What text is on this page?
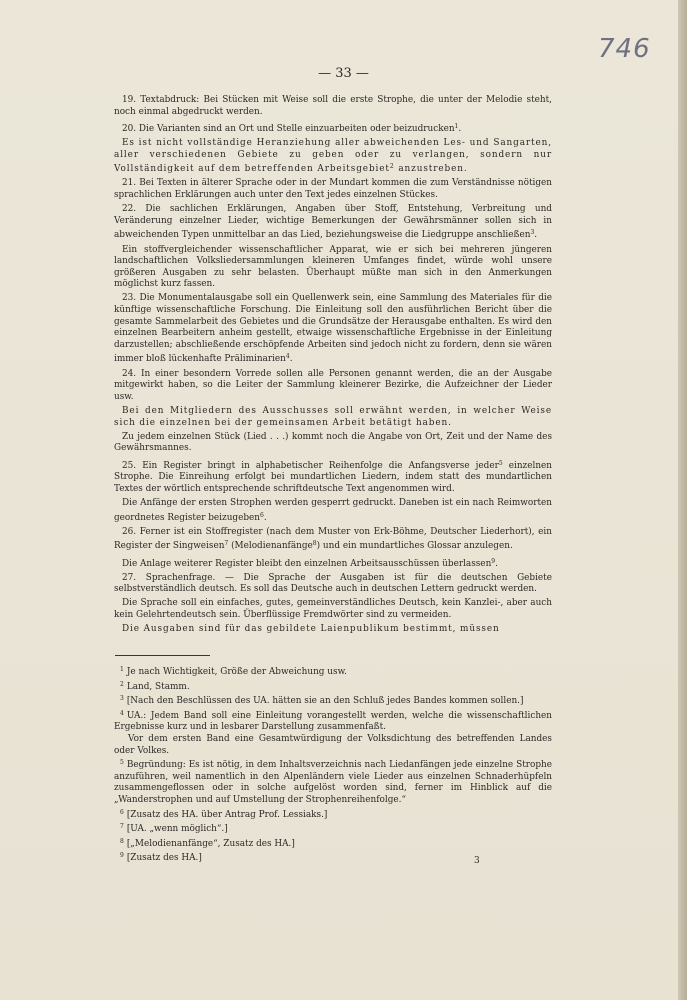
746
— 33 —

19. Textabdruck: Bei Stücken mit Weise soll die erste Strophe, die unter der Melodie steht, noch einmal abgedruckt werden.

20. Die Varianten sind an Ort und Stelle einzuarbeiten oder beizudrucken$^1$.

Es ist nicht vollständige Heranziehung aller abweichenden Les- und Sangarten, aller verschiedenen Gebiete zu geben oder zu verlangen, sondern nur Vollständigkeit auf dem betreffenden Arbeitsgebiet$^2$ anzustreben.

21. Bei Texten in älterer Sprache oder in der Mundart kommen die zum Verständnisse nötigen sprachlichen Erklärungen auch unter den Text jedes einzelnen Stückes.

22. Die sachlichen Erklärungen, Angaben über Stoff, Entstehung, Verbreitung und Veränderung einzelner Lieder, wichtige Bemerkungen der Gewährsmänner sollen sich in abweichenden Typen unmittelbar an das Lied, beziehungsweise die Liedgruppe anschließen$^3$.

Ein stoffvergleichender wissenschaftlicher Apparat, wie er sich bei mehreren jüngeren landschaftlichen Volksliedersammlungen kleineren Umfanges findet, würde wohl unsere größeren Ausgaben zu sehr belasten. Überhaupt müßte man sich in den Anmerkungen möglichst kurz fassen.

23. Die Monumentalausgabe soll ein Quellenwerk sein, eine Sammlung des Materiales für die künftige wissenschaftliche Forschung. Die Einleitung soll den ausführlichen Bericht über die gesamte Sammelarbeit des Gebietes und die Grundsätze der Herausgabe enthalten. Es wird den einzelnen Bearbeitern anheim gestellt, etwaige wissenschaftliche Ergebnisse in der Einleitung darzustellen; abschließende erschöpfende Arbeiten sind jedoch nicht zu fordern, denn sie wären immer bloß lückenhafte Präliminarien$^4$.

24. In einer besondern Vorrede sollen alle Personen genannt werden, die an der Ausgabe mitgewirkt haben, so die Leiter der Sammlung kleinerer Bezirke, die Aufzeichner der Lieder usw.

Bei den Mitgliedern des Ausschusses soll erwähnt werden, in welcher Weise sich die einzelnen bei der gemeinsamen Arbeit betätigt haben.

Zu jedem einzelnen Stück (Lied . . .) kommt noch die Angabe von Ort, Zeit und der Name des Gewährsmannes.

25. Ein Register bringt in alphabetischer Reihenfolge die Anfangsverse jeder$^5$ einzelnen Strophe. Die Einreihung erfolgt bei mundartlichen Liedern, indem statt des mundartlichen Textes der wörtlich entsprechende schriftdeutsche Text angenommen wird.

Die Anfänge der ersten Strophen werden gesperrt gedruckt. Daneben ist ein nach Reimworten geordnetes Register beizugeben$^6$.

26. Ferner ist ein Stoffregister (nach dem Muster von Erk-Böhme, Deutscher Liederhort), ein Register der Singweisen$^7$ (Melodienanfänge$^8$) und ein mundartliches Glossar anzulegen.

Die Anlage weiterer Register bleibt den einzelnen Arbeitsausschüssen überlassen$^9$.

27. Sprachenfrage. — Die Sprache der Ausgaben ist für die deutschen Gebiete selbstverständlich deutsch. Es soll das Deutsche auch in deutschen Lettern gedruckt werden.

Die Sprache soll ein einfaches, gutes, gemeinverständliches Deutsch, kein Kanzlei-, aber auch kein Gelehrtendeutsch sein. Überflüssige Fremdwörter sind zu vermeiden.

Die Ausgaben sind für das gebildete Laienpublikum bestimmt, müssen

$^1$ Je nach Wichtigkeit, Größe der Abweichung usw.

$^2$ Land, Stamm.

$^3$ [Nach den Beschlüssen des UA. hätten sie an den Schluß jedes Bandes kommen sollen.]

$^4$ UA.: Jedem Band soll eine Einleitung vorangestellt werden, welche die wissenschaftlichen Ergebnisse kurz und in lesbarer Darstellung zusammenfaßt.

Vor dem ersten Band eine Gesamtwürdigung der Volksdichtung des betreffenden Landes oder Volkes.

$^5$ Begründung: Es ist nötig, in dem Inhaltsverzeichnis nach Liedanfängen jede einzelne Strophe anzuführen, weil namentlich in den Alpenländern viele Lieder aus einzelnen Schnaderhüpfeln zusammengeflossen oder in solche aufgelöst worden sind, ferner im Hinblick auf die „Wanderstrophen und auf Umstellung der Strophenreihenfolge.“

$^6$ [Zusatz des HA. über Antrag Prof. Lessiaks.]

$^7$ [UA. „wenn möglich“.]

$^8$ [„Melodienanfänge“, Zusatz des HA.]

$^9$ [Zusatz des HA.]	3
